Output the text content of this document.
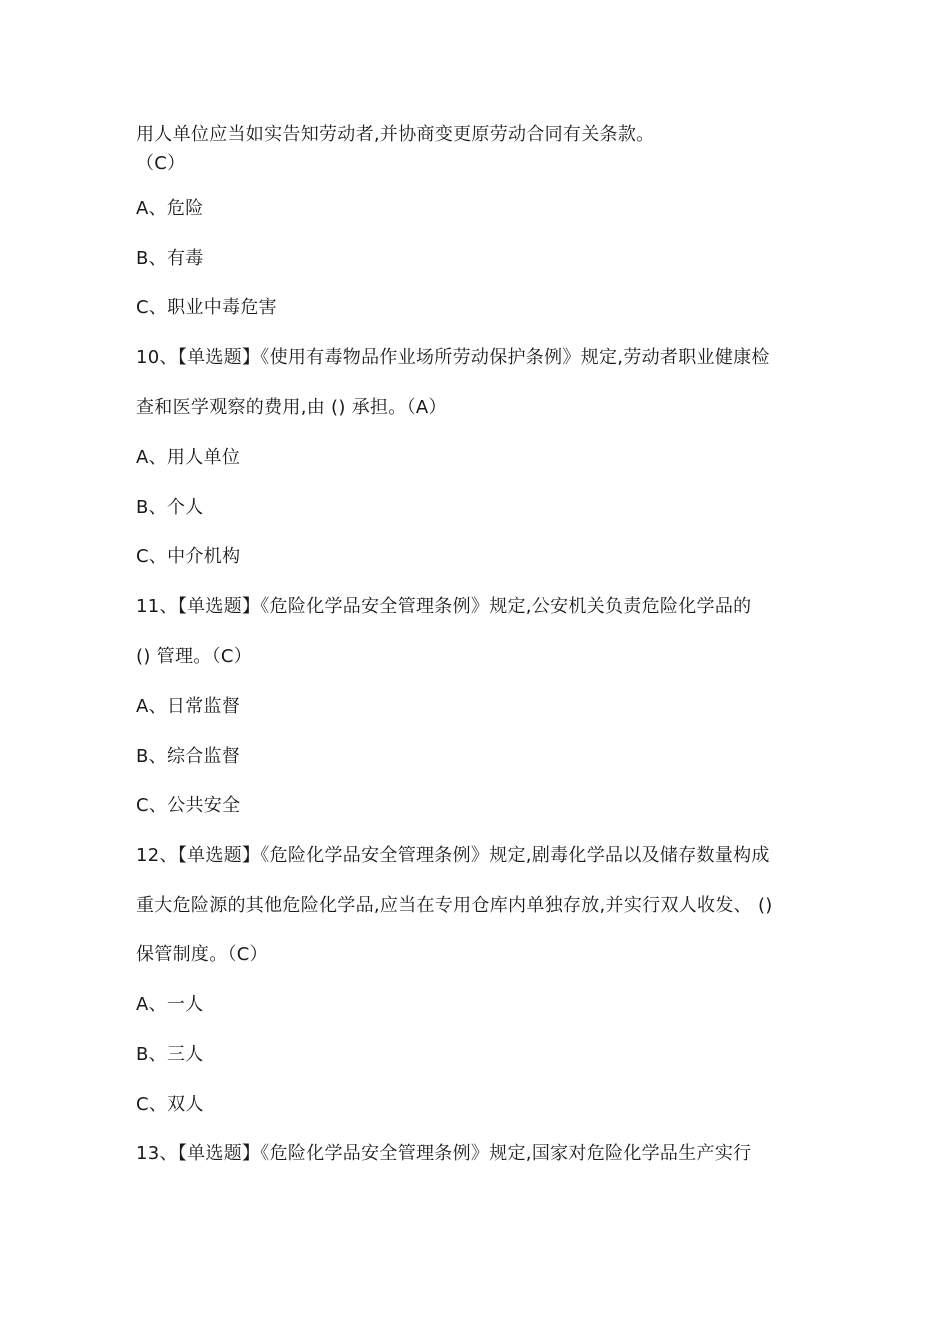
用人单位应当如实告知劳动者,并协商变更原劳动合同有关条款。
（C）
A、危险
B、有毒
C、职业中毒危害
10、【单选题】《使用有毒物品作业场所劳动保护条例》规定,劳动者职业健康检
查和医学观察的费用,由 () 承担。（A）
A、用人单位
B、个人
C、中介机构
11、【单选题】《危险化学品安全管理条例》规定,公安机关负责危险化学品的
() 管理。（C）
A、日常监督
B、综合监督
C、公共安全
12、【单选题】《危险化学品安全管理条例》规定,剧毒化学品以及储存数量构成
重大危险源的其他危险化学品,应当在专用仓库内单独存放,并实行双人收发、 ()
保管制度。（C）
A、一人
B、三人
C、双人
13、【单选题】《危险化学品安全管理条例》规定,国家对危险化学品生产实行
